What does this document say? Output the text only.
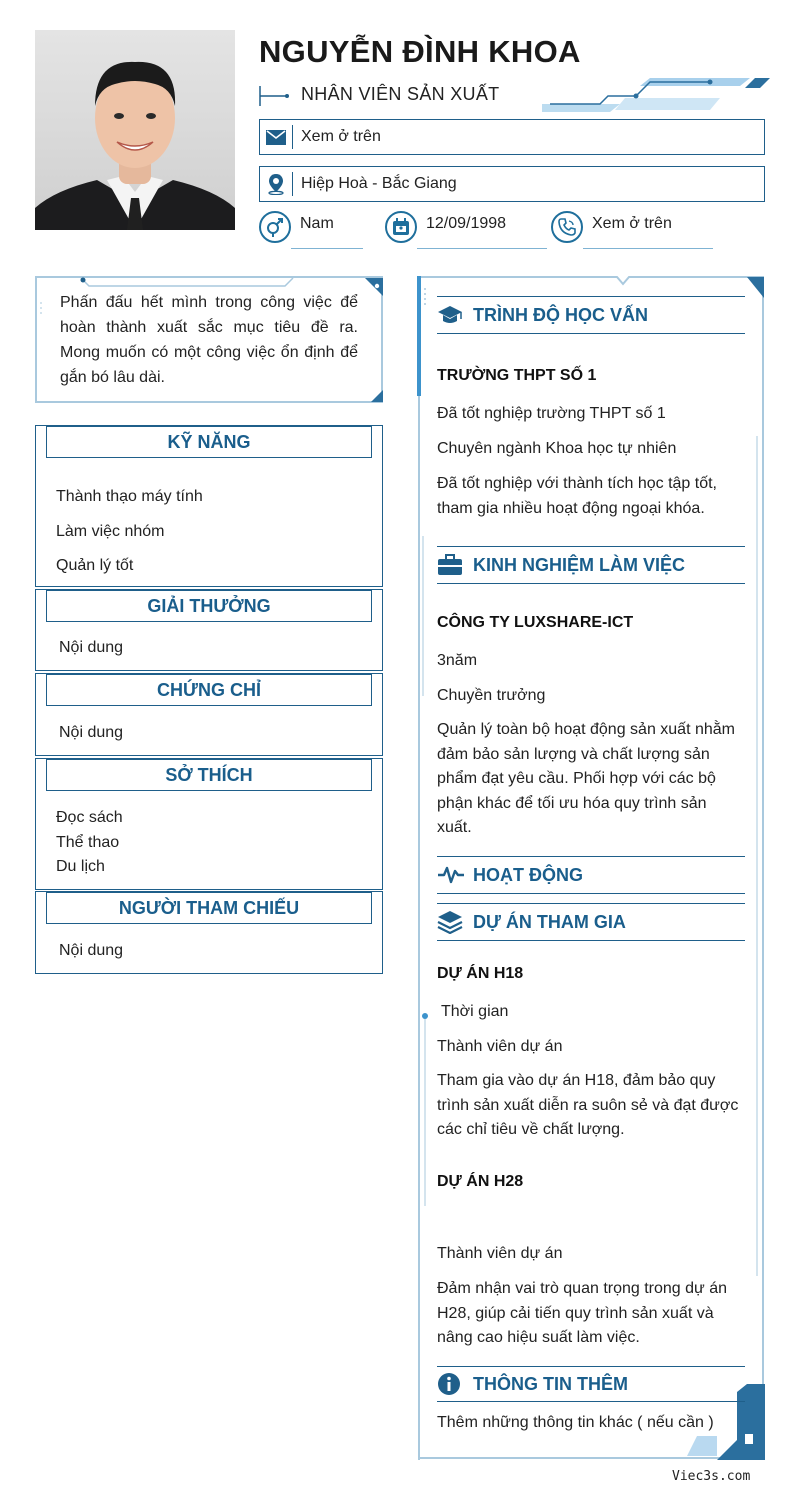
NGUYỄN ĐÌNH KHOA
NHÂN VIÊN SẢN XUẤT
Xem ở trên
Hiệp Hoà - Bắc Giang
Nam	12/09/1998	Xem ở trên
Phấn đấu hết mình trong công việc để hoàn thành xuất sắc mục tiêu đề ra. Mong muốn có một công việc ổn định để gắn bó lâu dài.
KỸ NĂNG
Thành thạo máy tính
Làm việc nhóm
Quản lý tốt
GIẢI THƯỞNG
Nội dung
CHỨNG CHỈ
Nội dung
SỞ THÍCH
Đọc sách
Thể thao
Du lịch
NGƯỜI THAM CHIẾU
Nội dung
TRÌNH ĐỘ HỌC VẤN
TRƯỜNG THPT SỐ 1
Đã tốt nghiệp trường THPT số 1
Chuyên ngành Khoa học tự nhiên
Đã tốt nghiệp với thành tích học tập tốt, tham gia nhiều hoạt động ngoại khóa.
KINH NGHIỆM LÀM VIỆC
CÔNG TY LUXSHARE-ICT
3năm
Chuyền trưởng
Quản lý toàn bộ hoạt động sản xuất nhằm đảm bảo sản lượng và chất lượng sản phẩm đạt yêu cầu. Phối hợp với các bộ phận khác để tối ưu hóa quy trình sản xuất.
HOẠT ĐỘNG
DỰ ÁN THAM GIA
DỰ ÁN H18
Thời gian
Thành viên dự án
Tham gia vào dự án H18, đảm bảo quy trình sản xuất diễn ra suôn sẻ và đạt được các chỉ tiêu về chất lượng.
DỰ ÁN H28
Thành viên dự án
Đảm nhận vai trò quan trọng trong dự án H28, giúp cải tiến quy trình sản xuất và nâng cao hiệu suất làm việc.
THÔNG TIN THÊM
Thêm những thông tin khác ( nếu cần )
Viec3s.com
